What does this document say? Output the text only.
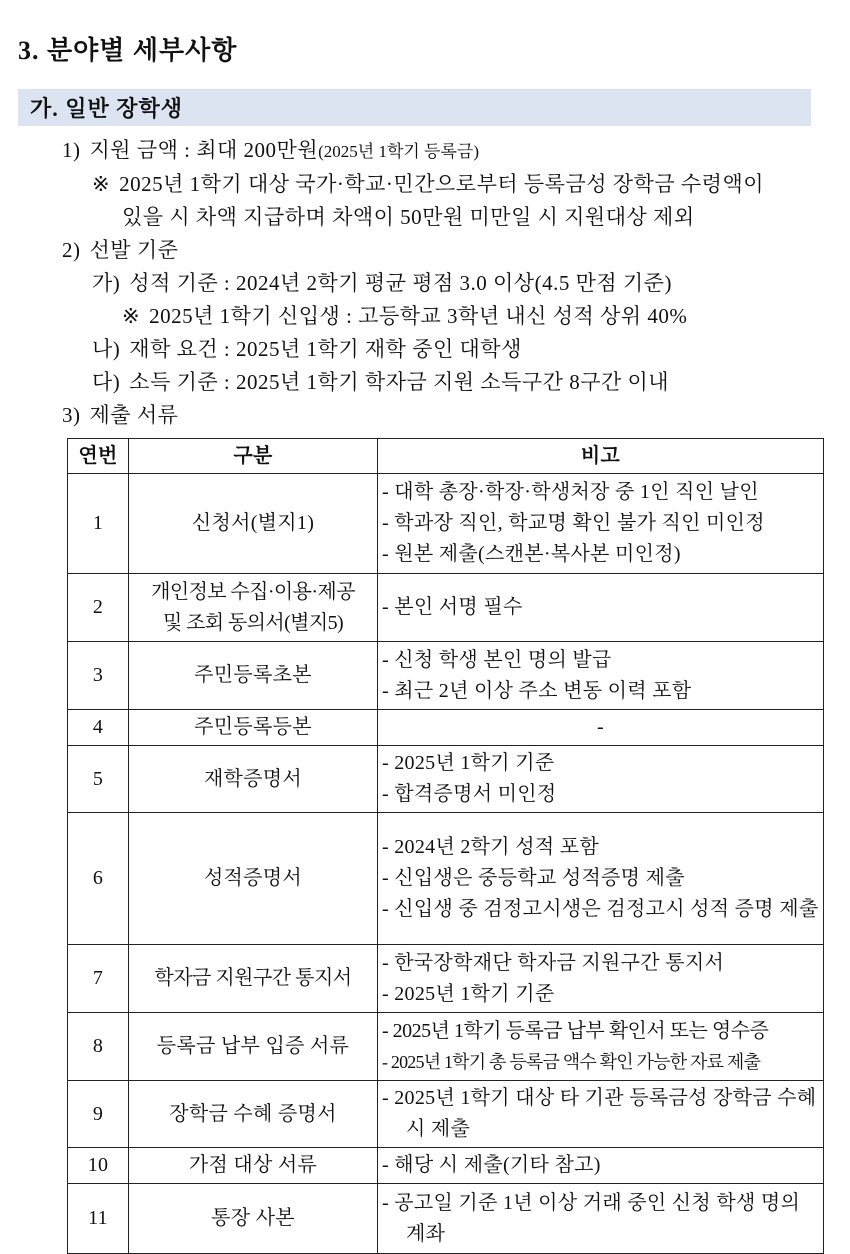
3. 분야별 세부사항
가. 일반 장학생
1) 지원 금액 : 최대 200만원(2025년 1학기 등록금)
※ 2025년 1학기 대상 국가·학교·민간으로부터 등록금성 장학금 수령액이
있을 시 차액 지급하며 차액이 50만원 미만일 시 지원대상 제외
2) 선발 기준
가) 성적 기준 : 2024년 2학기 평균 평점 3.0 이상(4.5 만점 기준)
※ 2025년 1학기 신입생 : 고등학교 3학년 내신 성적 상위 40%
나) 재학 요건 : 2025년 1학기 재학 중인 대학생
다) 소득 기준 : 2025년 1학기 학자금 지원 소득구간 8구간 이내
3) 제출 서류
연번	구분	비고
1	신청서(별지1)	- 대학 총장·학장·학생처장 중 1인 직인 날인
- 학과장 직인, 학교명 확인 불가 직인 미인정
- 원본 제출(스캔본·복사본 미인정)

2	개인정보 수집·이용·제공
및 조회 동의서(별지5)	- 본인 서명 필수

3	주민등록초본	- 신청 학생 본인 명의 발급
- 최근 2년 이상 주소 변동 이력 포함

4	주민등록등본	-

5	재학증명서	- 2025년 1학기 기준
- 합격증명서 미인정

6	성적증명서	- 2024년 2학기 성적 포함
- 신입생은 중등학교 성적증명 제출
- 신입생 중 검정고시생은 검정고시 성적 증명 제출

7	학자금 지원구간 통지서	- 한국장학재단 학자금 지원구간 통지서
- 2025년 1학기 기준

8	등록금 납부 입증 서류	- 2025년 1학기 등록금 납부 확인서 또는 영수증
- 2025년 1학기 총 등록금 액수 확인 가능한 자료 제출

9	장학금 수혜 증명서	- 2025년 1학기 대상 타 기관 등록금성 장학금 수혜 시 제출

10	가점 대상 서류	- 해당 시 제출(기타 참고)

11	통장 사본	- 공고일 기준 1년 이상 거래 중인 신청 학생 명의 계좌
